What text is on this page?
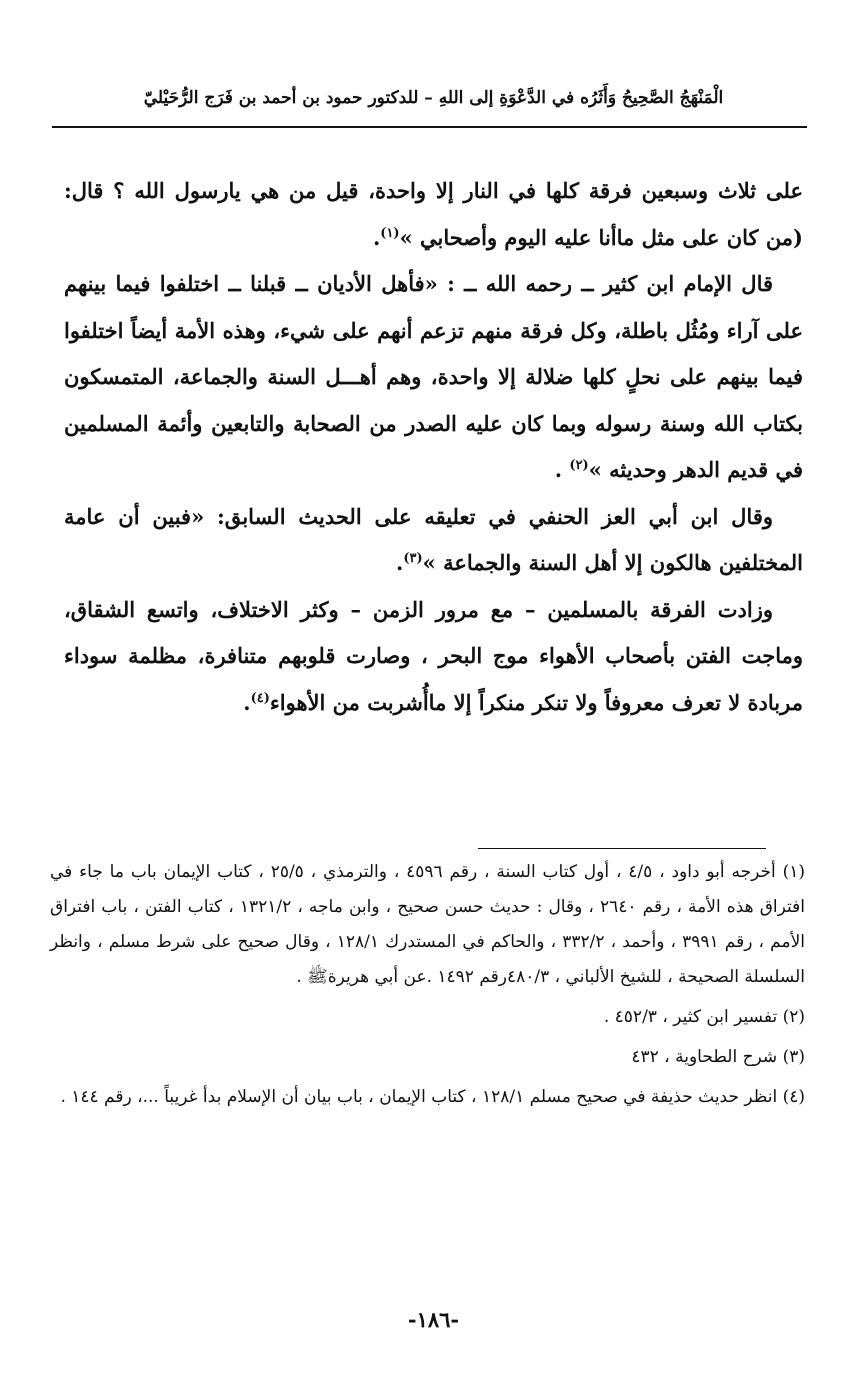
الْمَنْهَجُ الصَّحِيحُ وَأَثَرُه في الدَّعْوَةِ إلى اللهِ – للدكتور حمود بن أحمد بن فَرَج الرُّحَيْليّ

على ثلاث وسبعين فرقة كلها في النار إلا واحدة، قيل من هي يارسول الله ؟ قال: (من كان على مثل ماأنا عليه اليوم وأصحابي »$^{(١)}$.

قال الإمام ابن كثير ــ رحمه الله ــ : «فأهل الأديان ــ قبلنا ــ اختلفوا فيما بينهم على آراء ومُثُل باطلة، وكل فرقة منهم تزعم أنهم على شيء، وهذه الأمة أيضاً اختلفوا فيما بينهم على نحلٍ كلها ضلالة إلا واحدة، وهم أهـــل السنة والجماعة، المتمسكون بكتاب الله وسنة رسوله وبما كان عليه الصدر من الصحابة والتابعين وأئمة المسلمين في قديم الدهر وحديثه »$^{(٢)}$ .

وقال ابن أبي العز الحنفي في تعليقه على الحديث السابق: «فبين أن عامة المختلفين هالكون إلا أهل السنة والجماعة »$^{(٣)}$.

وزادت الفرقة بالمسلمين – مع مرور الزمن – وكثر الاختلاف، واتسع الشقاق، وماجت الفتن بأصحاب الأهواء موج البحر ، وصارت قلوبهم متنافرة، مظلمة سوداء مربادة لا تعرف معروفاً ولا تنكر منكراً إلا ماأُشربت من الأهواء$^{(٤)}$.

(١) أخرجه أبو داود ، ٤/٥ ، أول كتاب السنة ، رقم ٤٥٩٦ ، والترمذي ، ٢٥/٥ ، كتاب الإيمان باب ما جاء في افتراق هذه الأمة ، رقم ٢٦٤٠ ، وقال : حديث حسن صحيح ، وابن ماجه ، ١٣٢١/٢ ، كتاب الفتن ، باب افتراق الأمم ، رقم ٣٩٩١ ، وأحمد ، ٣٣٢/٢ ، والحاكم في المستدرك ١٢٨/١ ، وقال صحيح على شرط مسلم ، وانظر السلسلة الصحيحة ، للشيخ الألباني ، ٤٨٠/٣رقم ١٤٩٢ .عن أبي هريرةﷺ .

(٢) تفسير ابن كثير ، ٤٥٢/٣ .

(٣) شرح الطحاوية ، ٤٣٢

(٤) انظر حديث حذيفة في صحيح مسلم ١٢٨/١ ، كتاب الإيمان ، باب بيان أن الإسلام بدأ غريباً ...، رقم ١٤٤ .

-١٨٦-
